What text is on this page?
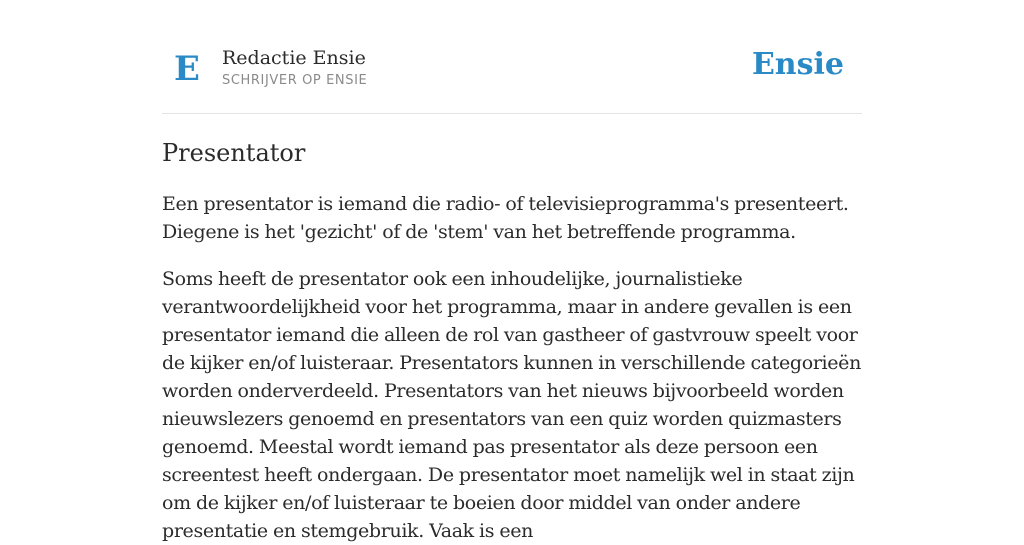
E Redactie Ensie
SCHRIJVER OP ENSIE	Ensie
Presentator

Een presentator is iemand die radio- of televisieprogramma's presenteert. Diegene is het 'gezicht' of de 'stem' van het betreffende programma.

Soms heeft de presentator ook een inhoudelijke, journalistieke verantwoordelijkheid voor het programma, maar in andere gevallen is een presentator iemand die alleen de rol van gastheer of gastvrouw speelt voor de kijker en/of luisteraar. Presentators kunnen in verschillende categorieën worden onderverdeeld. Presentators van het nieuws bijvoorbeeld worden nieuwslezers genoemd en presentators van een quiz worden quizmasters genoemd. Meestal wordt iemand pas presentator als deze persoon een screentest heeft ondergaan. De presentator moet namelijk wel in staat zijn om de kijker en/of luisteraar te boeien door middel van onder andere presentatie en stemgebruik. Vaak is een
